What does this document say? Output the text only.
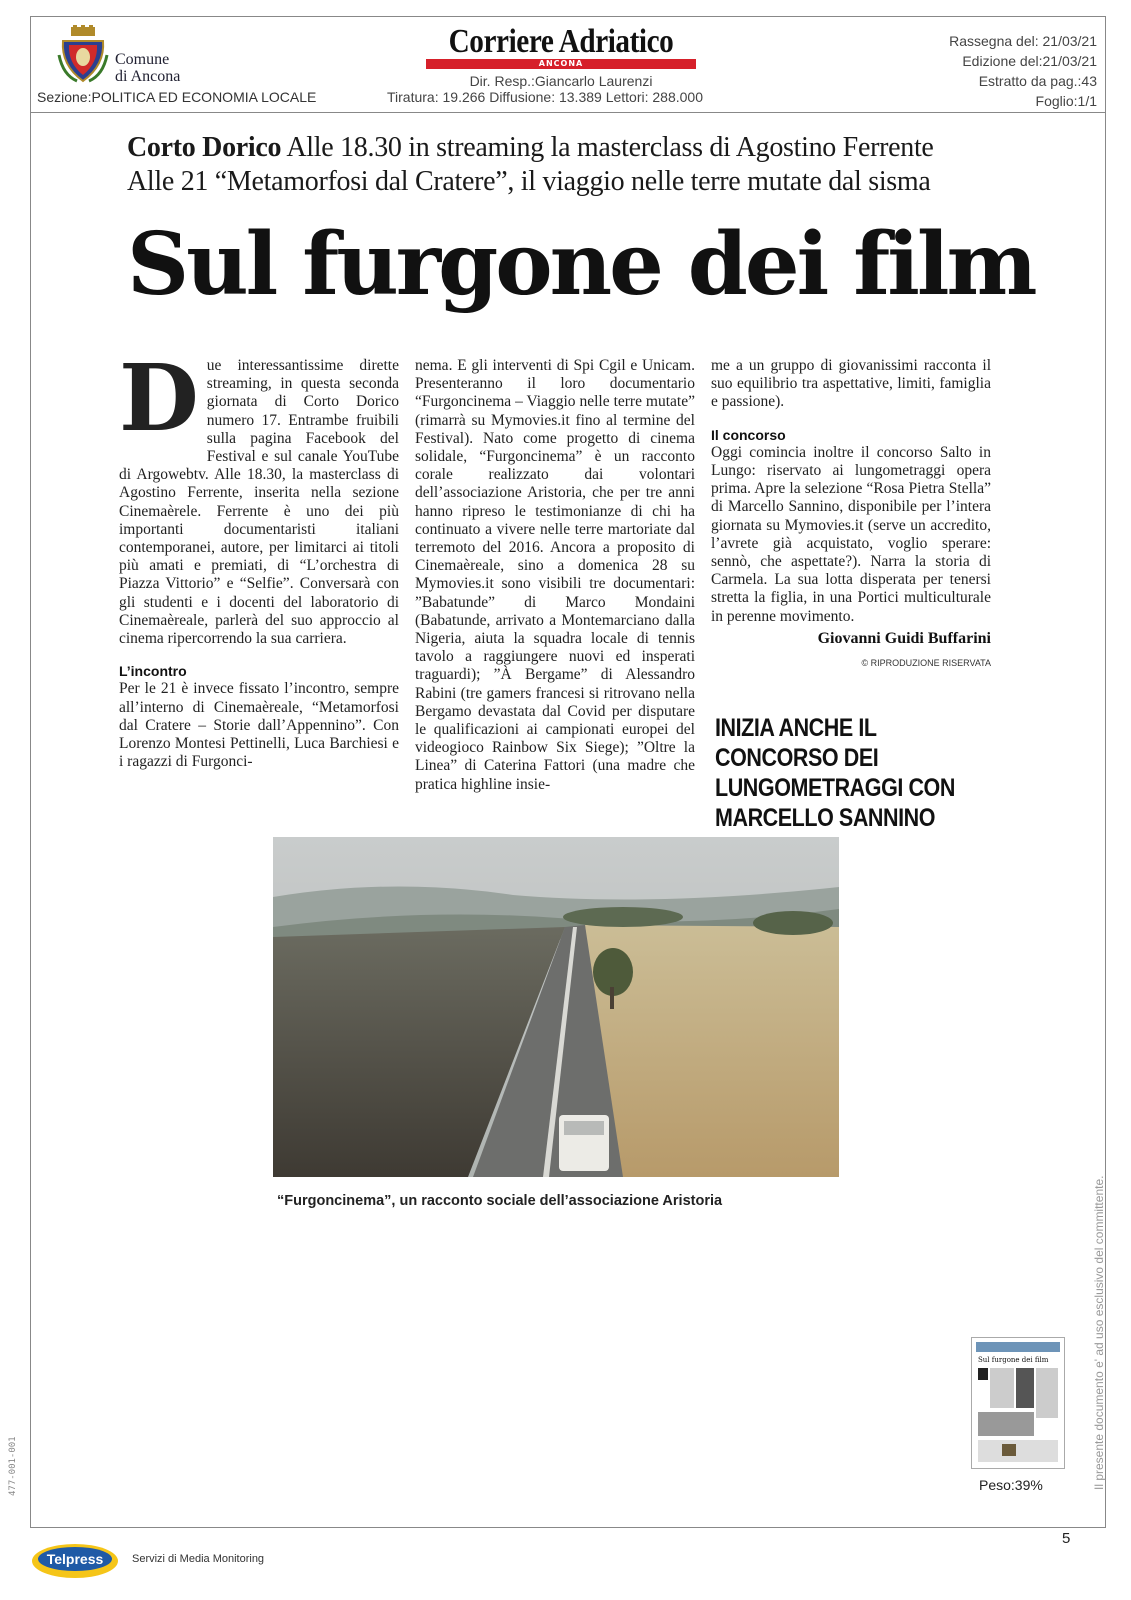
Comune
di Ancona
Sezione:POLITICA ED ECONOMIA LOCALE
Corriere Adriatico
ANCONA
Dir. Resp.:Giancarlo Laurenzi
Tiratura: 19.266 Diffusione: 13.389 Lettori: 288.000
Rassegna del: 21/03/21
Edizione del:21/03/21
Estratto da pag.:43
Foglio:1/1
Corto Dorico Alle 18.30 in streaming la masterclass di Agostino Ferrente
Alle 21 “Metamorfosi dal Cratere”, il viaggio nelle terre mutate dal sisma
Sul furgone dei film
D ue interessantissime dirette streaming, in questa seconda giornata di Corto Dorico numero 17. Entrambe fruibili sulla pagina Facebook del Festival e sul canale YouTube di Argowebtv. Alle 18.30, la masterclass di Agostino Ferrente, inserita nella sezione Cinemaèrele. Ferrente è uno dei più importanti documentaristi italiani contemporanei, autore, per limitarci ai titoli più amati e premiati, di “L’orchestra di Piazza Vittorio” e “Selfie”. Conversarà con gli studenti e i docenti del laboratorio di Cinemaèreale, parlerà del suo approccio al cinema ripercorrendo la sua carriera.

L’incontro

Per le 21 è invece fissato l’incontro, sempre all’interno di Cinemaèreale, “Metamorfosi dal Cratere – Storie dall’Appennino”. Con Lorenzo Montesi Pettinelli, Luca Barchiesi e i ragazzi di Furgonci-

nema. E gli interventi di Spi Cgil e Unicam. Presenteranno il loro documentario “Furgoncinema – Viaggio nelle terre mutate” (rimarrà su Mymovies.it fino al termine del Festival). Nato come progetto di cinema solidale, “Furgoncinema” è un racconto corale realizzato dai volontari dell’associazione Aristoria, che per tre anni hanno ripreso le testimonianze di chi ha continuato a vivere nelle terre martoriate dal terremoto del 2016. Ancora a proposito di Cinemaèreale, sino a domenica 28 su Mymovies.it sono visibili tre documentari: ”Babatunde” di Marco Mondaini (Babatunde, arrivato a Montemarciano dalla Nigeria, aiuta la squadra locale di tennis tavolo a raggiungere nuovi ed insperati traguardi); ”À Bergame” di Alessandro Rabini (tre gamers francesi si ritrovano nella Bergamo devastata dal Covid per disputare le qualificazioni ai campionati europei del videogioco Rainbow Six Siege); ”Oltre la Linea” di Caterina Fattori (una madre che pratica highline insie-

me a un gruppo di giovanissimi racconta il suo equilibrio tra aspettative, limiti, famiglia e passione).

Il concorso

Oggi comincia inoltre il concorso Salto in Lungo: riservato ai lungometraggi opera prima. Apre la selezione “Rosa Pietra Stella” di Marcello Sannino, disponibile per l’intera giornata su Mymovies.it (serve un accredito, l’avrete già acquistato, voglio sperare: sennò, che aspettate?). Narra la storia di Carmela. La sua lotta disperata per tenersi stretta la figlia, in una Portici multiculturale in perenne movimento.

Giovanni Guidi Buffarini
© RIPRODUZIONE RISERVATA
INIZIA ANCHE IL CONCORSO DEI LUNGOMETRAGGI CON MARCELLO SANNINO
“Furgoncinema”, un racconto sociale dell’associazione Aristoria
Sul furgone dei film
Peso:39%	Il presente documento e' ad uso esclusivo del committente.
477-001-001
5
Telpress	Servizi di Media Monitoring
